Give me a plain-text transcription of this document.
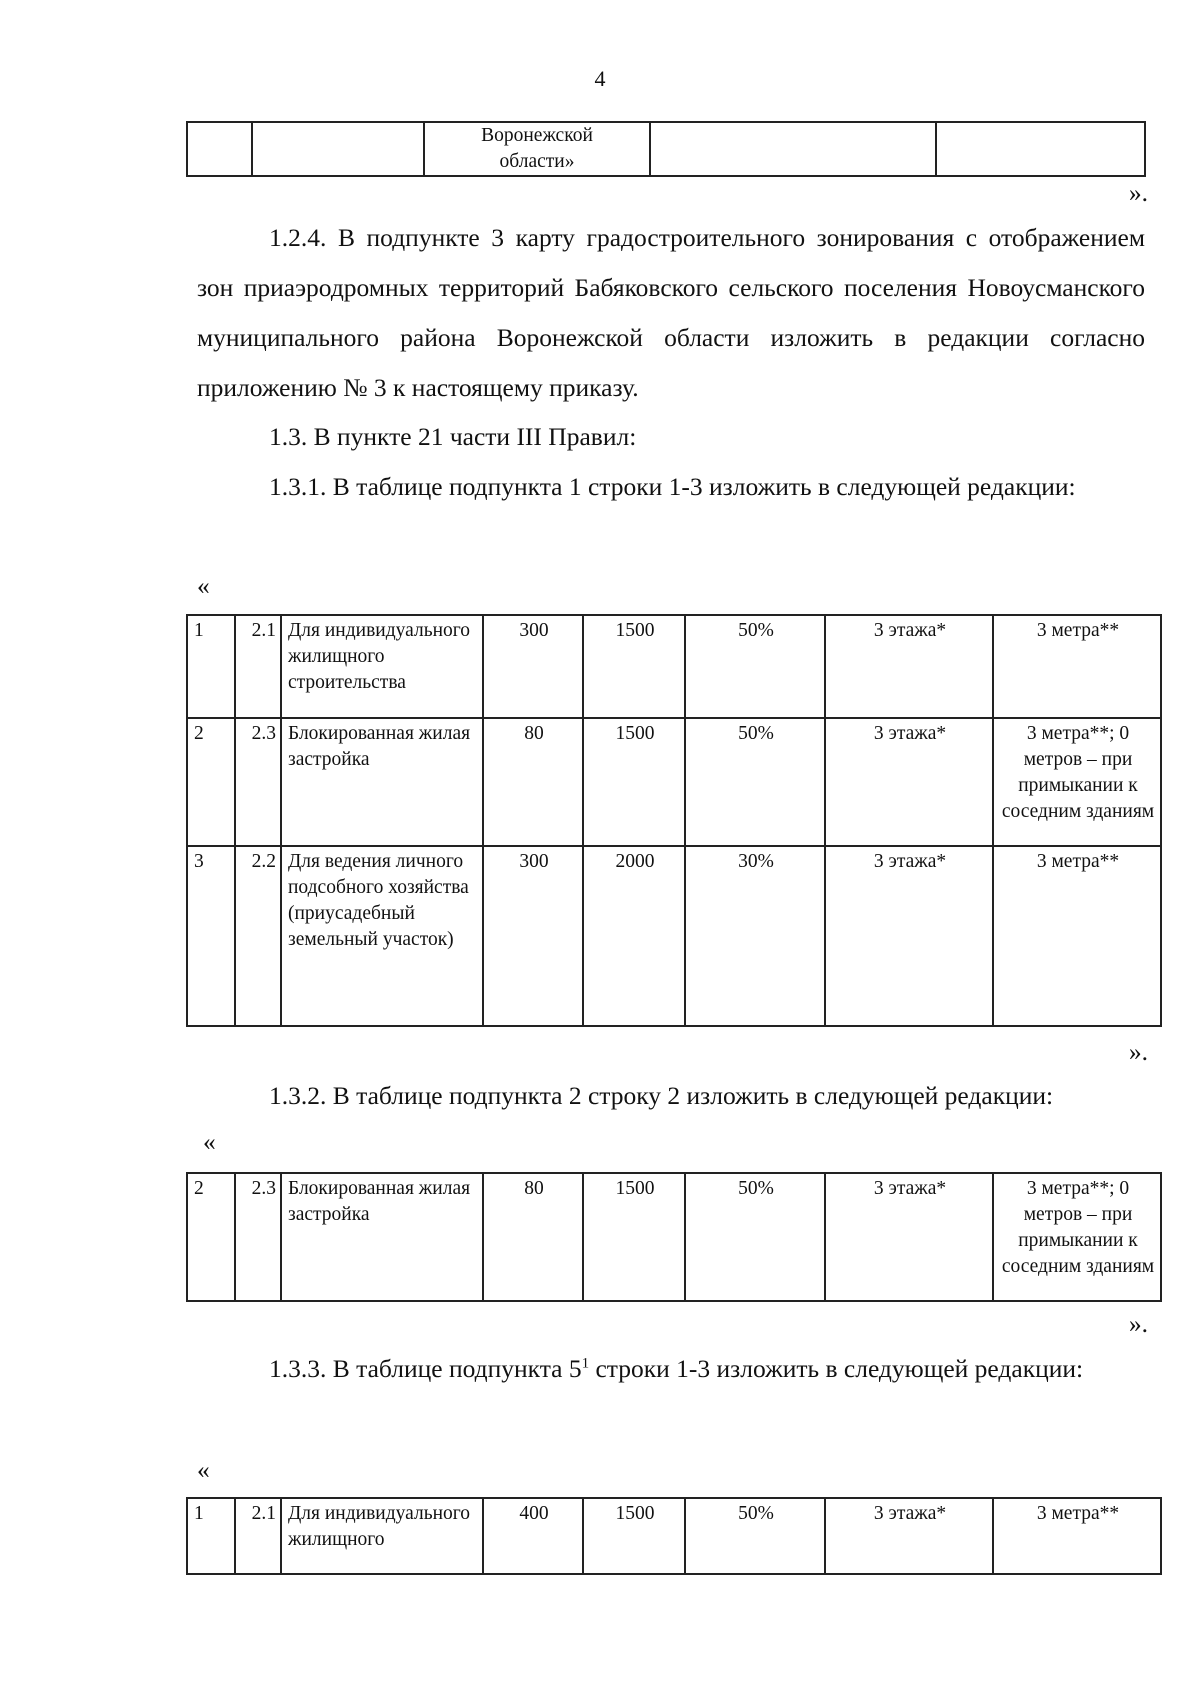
4
		Воронежской области»		
».
1.2.4. В подпункте 3 карту градостроительного зонирования с отображением зон приаэродромных территорий Бабяковского сельского поселения Новоусманского муниципального района Воронежской области изложить в редакции согласно приложению № 3 к настоящему приказу.
1.3. В пункте 21 части III Правил:
1.3.1. В таблице подпункта 1 строки 1-3 изложить в следующей редакции:
«
1	2.1	Для индивидуального жилищного строительства	300	1500	50%	3 этажа*	3 метра**
2	2.3	Блокированная жилая застройка	80	1500	50%	3 этажа*	3 метра**; 0 метров – при примыкании к соседним зданиям
3	2.2	Для ведения личного подсобного хозяйства (приусадебный земельный участок)	300	2000	30%	3 этажа*	3 метра**
».
1.3.2. В таблице подпункта 2 строку 2 изложить в следующей редакции:
«
2	2.3	Блокированная жилая застройка	80	1500	50%	3 этажа*	3 метра**; 0 метров – при примыкании к соседним зданиям
».
1.3.3. В таблице подпункта $5^1$ строки 1-3 изложить в следующей редакции:
«
1	2.1	Для индивидуального жилищного	400	1500	50%	3 этажа*	3 метра**
